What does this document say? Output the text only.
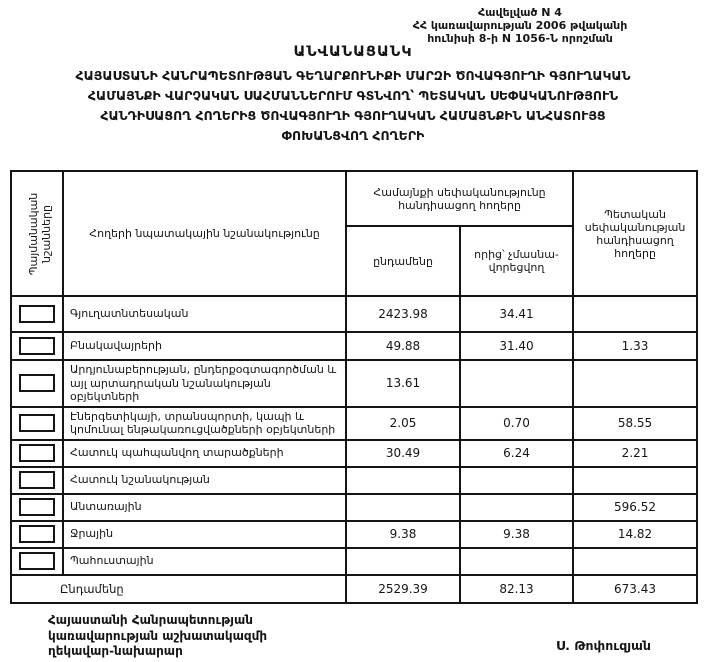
Հավելված N 4
ՀՀ կառավարության 2006 թվականի
հունիսի 8-ի N 1056-Ն որոշման
ԱՆՎԱՆԱՑԱՆԿ
ՀԱՅԱՍՏԱՆԻ ՀԱՆՐԱՊԵՏՈՒԹՅԱՆ ԳԵՂԱՐՔՈՒՆԻՔԻ ՄԱՐԶԻ ԾՈՎԱԳՅՈՒՂԻ ԳՅՈՒՂԱԿԱՆ
ՀԱՄԱՅՆՔԻ ՎԱՐՉԱԿԱՆ ՍԱՀՄԱՆՆԵՐՈՒՄ ԳՏՆՎՈՂ՝ ՊԵՏԱԿԱՆ ՍԵՓԱԿԱՆՈՒԹՅՈՒՆ
ՀԱՆԴԻՍԱՑՈՂ ՀՈՂԵՐԻՑ ԾՈՎԱԳՅՈՒՂԻ ԳՅՈՒՂԱԿԱՆ ՀԱՄԱՅՆՔԻՆ ԱՆՀԱՏՈՒՅՑ
ՓՈԽԱՆՑՎՈՂ ՀՈՂԵՐԻ
Պայմանական նշանները	Հողերի նպատակային նշանակությունը	Համայնքի սեփականությունը հանդիսացող հողերը		Պետական սեփականության հանդիսացող հողերը
		ընդամենը	որից՝ չմասնա-վորեցվող	
	Գյուղատնտեսական	2423.98	34.41	
	Բնակավայրերի	49.88	31.40	1.33
	Արդյունաբերության, ընդերքօգտագործման և այլ արտադրական նշանակության օբյեկտների	13.61		
	Էներգետիկայի, տրանսպորտի, կապի և կոմունալ ենթակառուցվածքների օբյեկտների	2.05	0.70	58.55
	Հատուկ պահպանվող տարածքների	30.49	6.24	2.21
	Հատուկ նշանակության			
	Անտառային			596.52
	Ջրային	9.38	9.38	14.82
	Պահուստային			
Ընդամենը		2529.39	82.13	673.43
Հայաստանի Հանրապետության
կառավարության աշխատակազմի
ղեկավար-նախարար	Ս. Թոփուզյան
